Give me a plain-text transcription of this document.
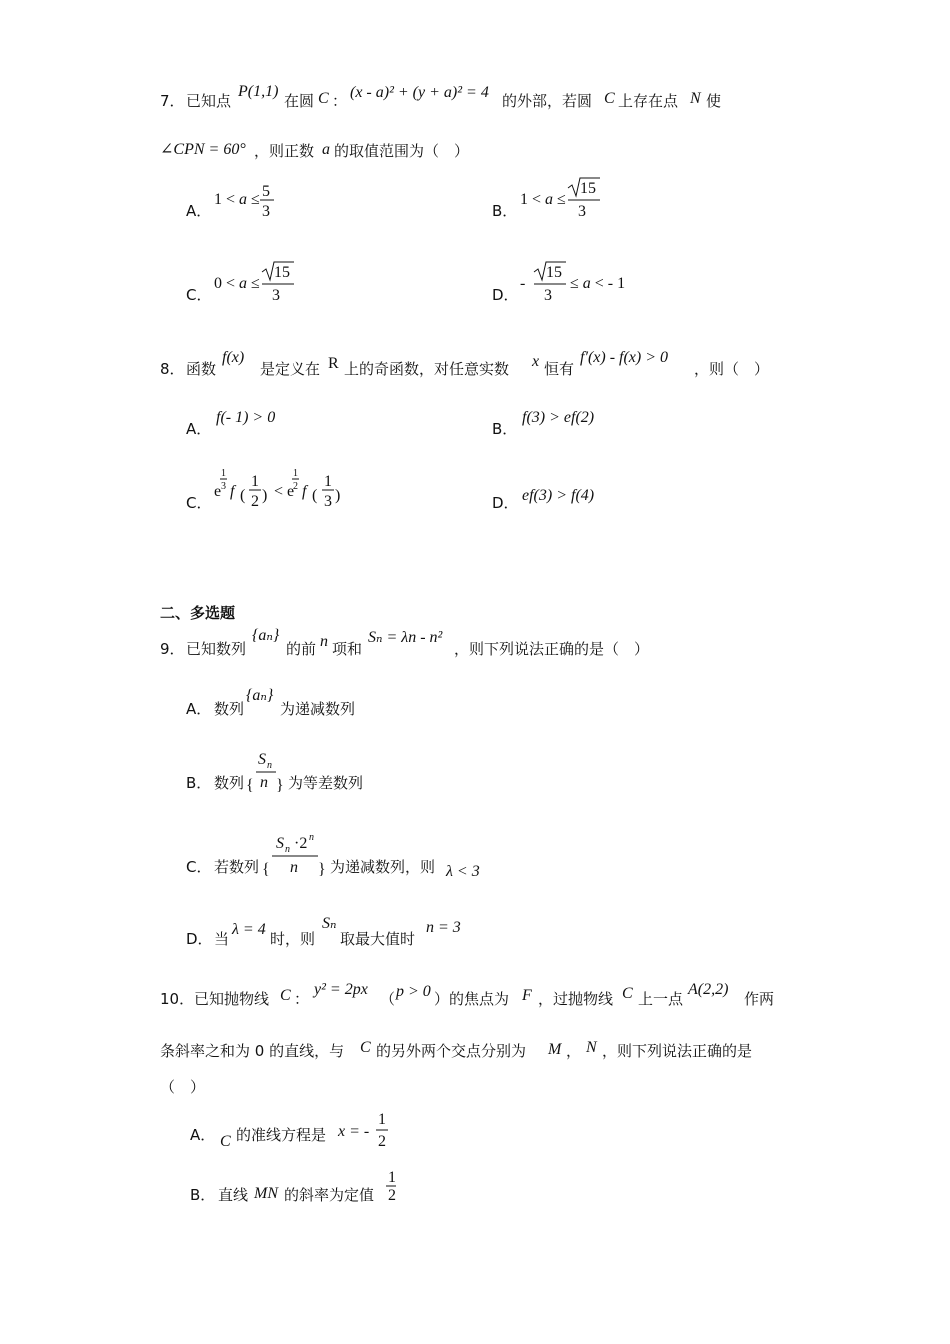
7． 已知点
P(1,1)
在圆 C ： (x - a)² + (y + a)² = 4 的外部，若圆 C 上存在点 N 使
∠CPN = 60° ，则正数 a 的取值范围为（　）
A．
1 < a ≤ 5
3	B．
1 < a ≤
15
3
C．
0 < a ≤
15
3	D．
-
15
3
≤ a < - 1
8． 函数
f(x)
是定义在 R 上的奇函数，对任意实数 x 恒有
f′(x) - f(x) > 0
，则（　）
A．
f(- 1) > 0
B．
f(3) > ef(2)
C．
e
1
3 f (
1
2 ) < e
1
2 f (
1
3 )	D． ef(3) > f(4)
二、多选题
9． 已知数列
{aₙ}
的前 n 项和
Sₙ = λn - n²
，则下列说法正确的是（　）
A． 数列
{aₙ}
为递减数列
B． 数列 {
S n
n } 为等差数列
C． 若数列 {
S n ·2 n
n } 为递减数列，则 λ < 3
D． 当
λ = 4
时，则
Sₙ
取最大值时
n = 3
10． 已知抛物线 C ：
y² = 2px
（ p > 0 ）的焦点为 F ，过抛物线 C 上一点
A(2,2)
作两
条斜率之和为 0 的直线，与 C 的另外两个交点分别为 M ， N ，则下列说法正确的是
（　）
A． C 的准线方程是 x = -
1
2
B． 直线 MN 的斜率为定值
1
2
